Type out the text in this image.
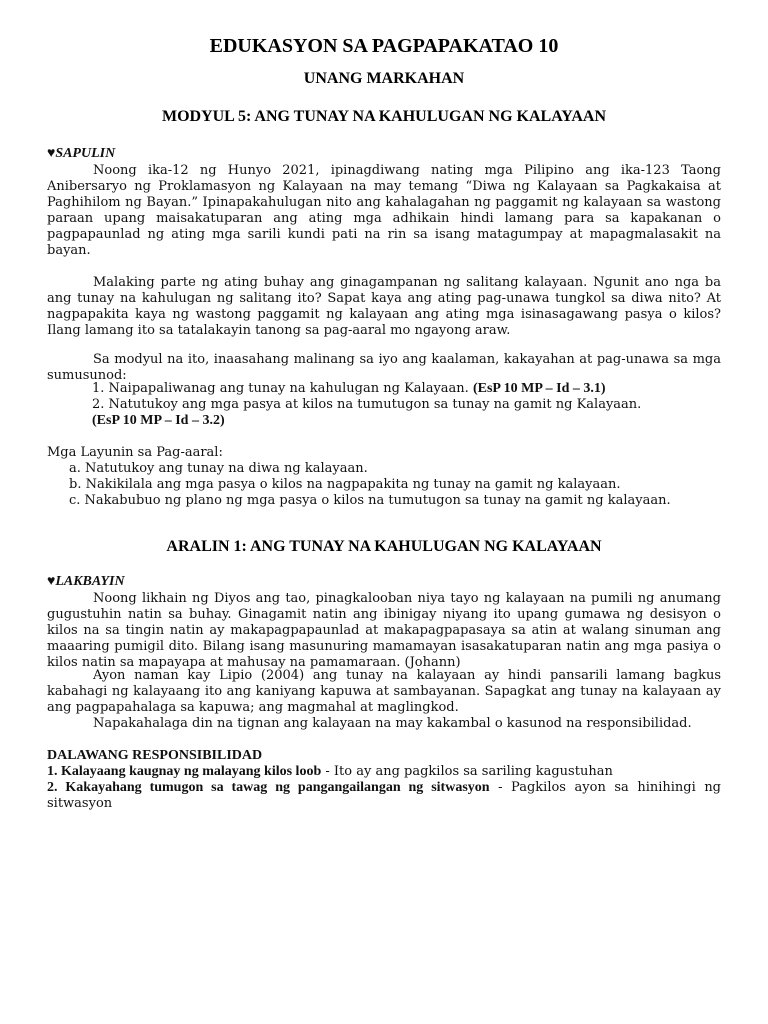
EDUKASYON SA PAGPAPAKATAO 10
UNANG MARKAHAN
MODYUL 5: ANG TUNAY NA KAHULUGAN NG KALAYAAN
♥SAPULIN
Noong ika-12 ng Hunyo 2021, ipinagdiwang nating mga Pilipino ang ika-123 Taong Anibersaryo ng Proklamasyon ng Kalayaan na may temang “Diwa ng Kalayaan sa Pagkakaisa at Paghihilom ng Bayan.” Ipinapakahulugan nito ang kahalagahan ng paggamit ng kalayaan sa wastong paraan upang maisakatuparan ang ating mga adhikain hindi lamang para sa kapakanan o pagpapaunlad ng ating mga sarili kundi pati na rin sa isang matagumpay at mapagmalasakit na bayan.
Malaking parte ng ating buhay ang ginagampanan ng salitang kalayaan. Ngunit ano nga ba ang tunay na kahulugan ng salitang ito? Sapat kaya ang ating pag-unawa tungkol sa diwa nito? At nagpapakita kaya ng wastong paggamit ng kalayaan ang ating mga isinasagawang pasya o kilos? Ilang lamang ito sa tatalakayin tanong sa pag-aaral mo ngayong araw.
Sa modyul na ito, inaasahang malinang sa iyo ang kaalaman, kakayahan at pag-unawa sa mga sumusunod:
1. Naipapaliwanag ang tunay na kahulugan ng Kalayaan. (EsP 10 MP – Id – 3.1)
2. Natutukoy ang mga pasya at kilos na tumutugon sa tunay na gamit ng Kalayaan.
(EsP 10 MP – Id – 3.2)
Mga Layunin sa Pag-aaral:
a. Natutukoy ang tunay na diwa ng kalayaan.
b. Nakikilala ang mga pasya o kilos na nagpapakita ng tunay na gamit ng kalayaan.
c. Nakabubuo ng plano ng mga pasya o kilos na tumutugon sa tunay na gamit ng kalayaan.
ARALIN 1: ANG TUNAY NA KAHULUGAN NG KALAYAAN
♥LAKBAYIN
Noong likhain ng Diyos ang tao, pinagkalooban niya tayo ng kalayaan na pumili ng anumang gugustuhin natin sa buhay. Ginagamit natin ang ibinigay niyang ito upang gumawa ng desisyon o kilos na sa tingin natin ay makapagpapaunlad at makapagpapasaya sa atin at walang sinuman ang maaaring pumigil dito. Bilang isang masunuring mamamayan isasakatuparan natin ang mga pasiya o kilos natin sa mapayapa at mahusay na pamamaraan. (Johann)
Ayon naman kay Lipio (2004) ang tunay na kalayaan ay hindi pansarili lamang bagkus kabahagi ng kalayaang ito ang kaniyang kapuwa at sambayanan. Sapagkat ang tunay na kalayaan ay ang pagpapahalaga sa kapuwa; ang magmahal at maglingkod.
Napakahalaga din na tignan ang kalayaan na may kakambal o kasunod na responsibilidad.
DALAWANG RESPONSIBILIDAD
1. Kalayaang kaugnay ng malayang kilos loob - Ito ay ang pagkilos sa sariling kagustuhan
2. Kakayahang tumugon sa tawag ng pangangailangan ng sitwasyon - Pagkilos ayon sa hinihingi ng sitwasyon
